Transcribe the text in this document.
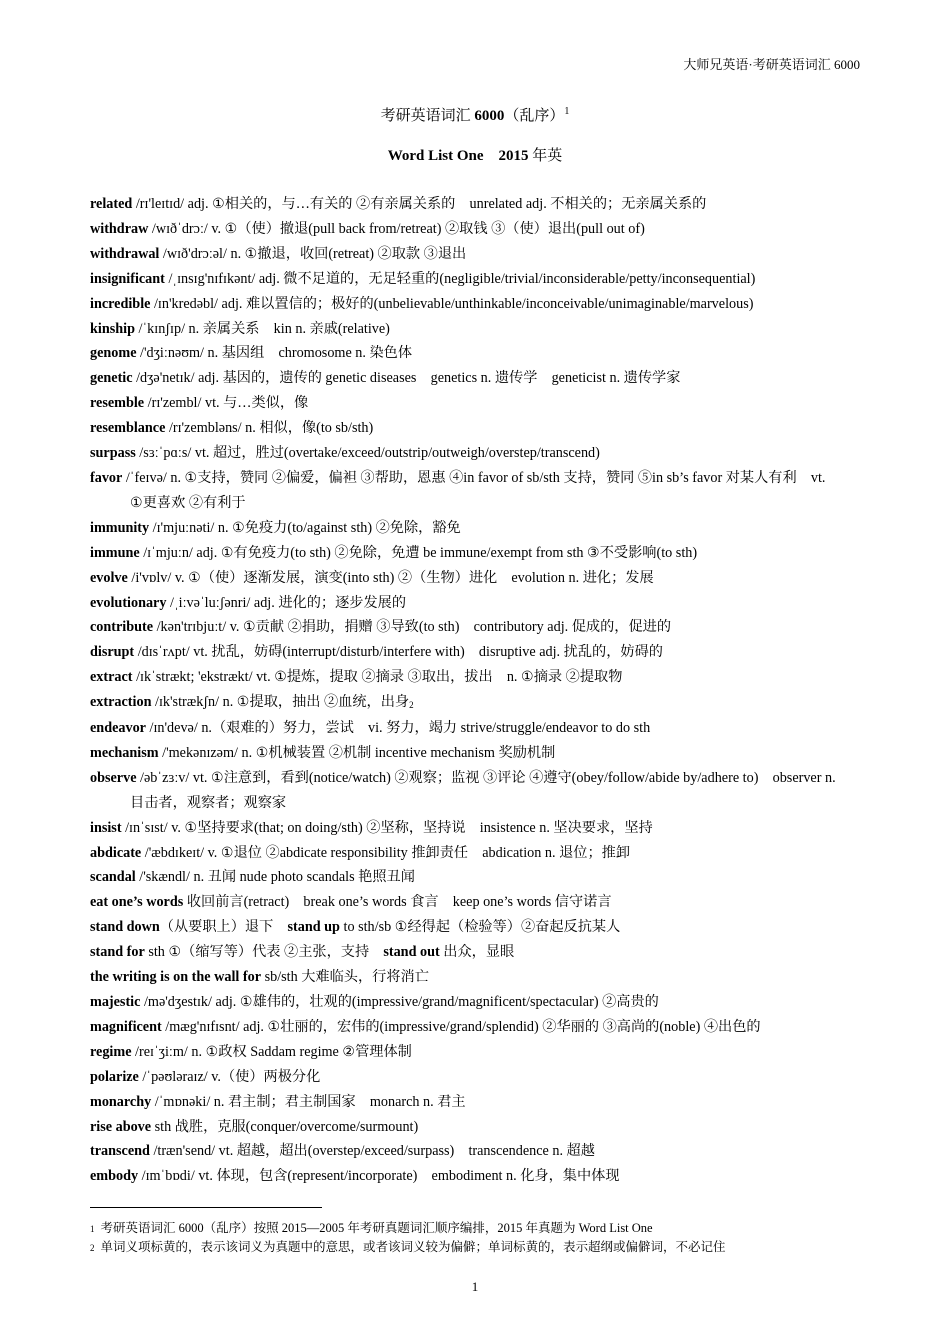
大师兄英语·考研英语词汇 6000
考研英语词汇 6000（乱序）$^1$
Word List One 2015 年英
related /rɪ'leɪtɪd/ adj. ①相关的，与…有关的 ②有亲属关系的　unrelated adj. 不相关的；无亲属关系的
withdraw /wɪðˈdrɔː/ v. ①（使）撤退(pull back from/retreat) ②取钱 ③（使）退出(pull out of)
withdrawal /wɪð'drɔːəl/ n. ①撤退，收回(retreat) ②取款 ③退出
insignificant /ˌɪnsɪg'nɪfɪkənt/ adj. 微不足道的，无足轻重的(negligible/trivial/inconsiderable/petty/inconsequential)
incredible /ɪn'kredəbl/ adj. 难以置信的；极好的(unbelievable/unthinkable/inconceivable/unimaginable/marvelous)
kinship /ˈkɪnʃɪp/ n. 亲属关系　kin n. 亲戚(relative)
genome /'dʒiːnəʊm/ n. 基因组　chromosome n. 染色体
genetic /dʒə'netɪk/ adj. 基因的，遗传的 genetic diseases　genetics n. 遗传学　geneticist n. 遗传学家
resemble /rɪ'zembl/ vt. 与…类似，像
resemblance /rɪ'zembləns/ n. 相似，像(to sb/sth)
surpass /sɜːˈpɑːs/ vt. 超过，胜过(overtake/exceed/outstrip/outweigh/overstep/transcend)
favor /ˈfeɪvə/ n. ①支持，赞同 ②偏爱，偏袒 ③帮助，恩惠 ④in favor of sb/sth 支持，赞同 ⑤in sb’s favor 对某人有利　vt. ①更喜欢 ②有利于
immunity /ɪ'mjuːnəti/ n. ①免疫力(to/against sth) ②免除，豁免
immune /ɪˈmjuːn/ adj. ①有免疫力(to sth) ②免除，免遭 be immune/exempt from sth ③不受影响(to sth)
evolve /i'vɒlv/ v. ①（使）逐渐发展，演变(into sth) ②（生物）进化　evolution n. 进化；发展
evolutionary /ˌiːvəˈluːʃənri/ adj. 进化的；逐步发展的
contribute /kən'trɪbjuːt/ v. ①贡献 ②捐助，捐赠 ③导致(to sth)　contributory adj. 促成的，促进的
disrupt /dɪsˈrʌpt/ vt. 扰乱，妨碍(interrupt/disturb/interfere with)　disruptive adj. 扰乱的，妨碍的
extract /ɪkˈstrækt; 'ekstrækt/ vt. ①提炼，提取 ②摘录 ③取出，拔出　n. ①摘录 ②提取物
extraction /ɪk'strækʃn/ n. ①提取，抽出 ②血统，出身$^2$
endeavor /ɪn'devə/ n.（艰难的）努力，尝试　vi. 努力，竭力 strive/struggle/endeavor to do sth
mechanism /'mekənɪzəm/ n. ①机械装置 ②机制 incentive mechanism 奖励机制
observe /əbˈzɜːv/ vt. ①注意到，看到(notice/watch) ②观察；监视 ③评论 ④遵守(obey/follow/abide by/adhere to)　observer n. 目击者，观察者；观察家
insist /ɪnˈsɪst/ v. ①坚持要求(that; on doing/sth) ②坚称，坚持说　insistence n. 坚决要求，坚持
abdicate /'æbdɪkeɪt/ v. ①退位 ②abdicate responsibility 推卸责任　abdication n. 退位；推卸
scandal /'skændl/ n. 丑闻 nude photo scandals 艳照丑闻
eat one’s words 收回前言(retract)　break one’s words 食言　keep one’s words 信守诺言
stand down（从要职上）退下　stand up to sth/sb ①经得起（检验等）②奋起反抗某人
stand for sth ①（缩写等）代表 ②主张，支持　stand out 出众，显眼
the writing is on the wall for sb/sth 大难临头，行将消亡
majestic /mə'dʒestɪk/ adj. ①雄伟的，壮观的(impressive/grand/magnificent/spectacular) ②高贵的
magnificent /mæg'nɪfɪsnt/ adj. ①壮丽的，宏伟的(impressive/grand/splendid) ②华丽的 ③高尚的(noble) ④出色的
regime /reɪˈʒiːm/ n. ①政权 Saddam regime ②管理体制
polarize /ˈpəʊləraɪz/ v.（使）两极分化
monarchy /ˈmɒnəki/ n. 君主制；君主制国家　monarch n. 君主
rise above sth 战胜，克服(conquer/overcome/surmount)
transcend /træn'send/ vt. 超越，超出(overstep/exceed/surpass)　transcendence n. 超越
embody /ɪmˈbɒdi/ vt. 体现，包含(represent/incorporate)　embodiment n. 化身，集中体现
1 考研英语词汇 6000（乱序）按照 2015—2005 年考研真题词汇顺序编排，2015 年真题为 Word List One
2 单词义项标黄的，表示该词义为真题中的意思，或者该词义较为偏僻；单词标黄的，表示超纲或偏僻词，不必记住
1
